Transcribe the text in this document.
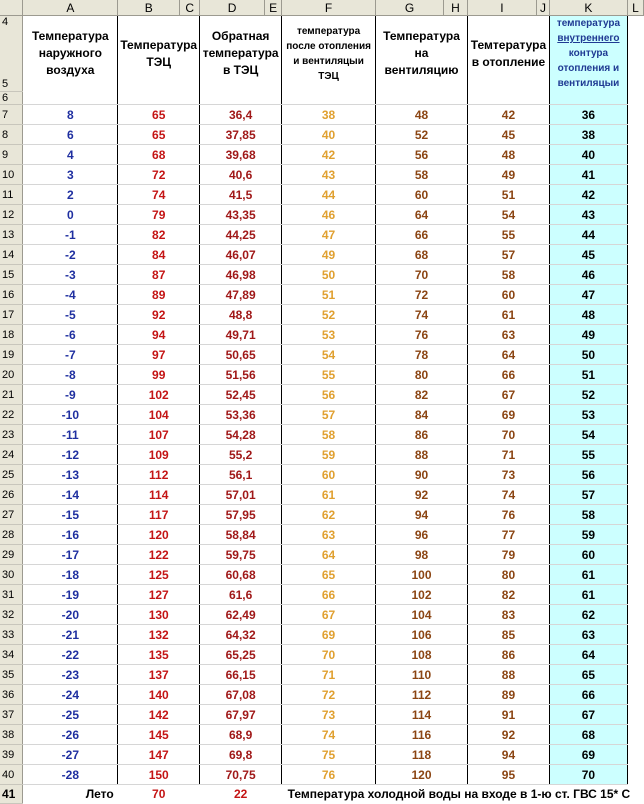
	A	B	C	D	E	F	G	H	I	J	K	L
4
5	Температура наружного воздуха	Температура ТЭЦ		Обратная температура в ТЭЦ		температура после отопления и вентиляцыи ТЭЦ	Температура на вентиляцию		Темтература в отопление		температура внутреннего контура отопления и вентиляцыи	
6												
7	8	65		36,4		38	48		42		36	
8	6	65		37,85		40	52		45		38	
9	4	68		39,68		42	56		48		40	
10	3	72		40,6		43	58		49		41	
11	2	74		41,5		44	60		51		42	
12	0	79		43,35		46	64		54		43	
13	-1	82		44,25		47	66		55		44	
14	-2	84		46,07		49	68		57		45	
15	-3	87		46,98		50	70		58		46	
16	-4	89		47,89		51	72		60		47	
17	-5	92		48,8		52	74		61		48	
18	-6	94		49,71		53	76		63		49	
19	-7	97		50,65		54	78		64		50	
20	-8	99		51,56		55	80		66		51	
21	-9	102		52,45		56	82		67		52	
22	-10	104		53,36		57	84		69		53	
23	-11	107		54,28		58	86		70		54	
24	-12	109		55,2		59	88		71		55	
25	-13	112		56,1		60	90		73		56	
26	-14	114		57,01		61	92		74		57	
27	-15	117		57,95		62	94		76		58	
28	-16	120		58,84		63	96		77		59	
29	-17	122		59,75		64	98		79		60	
30	-18	125		60,68		65	100		80		61	
31	-19	127		61,6		66	102		82		61	
32	-20	130		62,49		67	104		83		62	
33	-21	132		64,32		69	106		85		63	
34	-22	135		65,25		70	108		86		64	
35	-23	137		66,15		71	110		88		65	
36	-24	140		67,08		72	112		89		66	
37	-25	142		67,97		73	114		91		67	
38	-26	145		68,9		74	116		92		68	
39	-27	147		69,8		75	118		94		69	
40	-28	150		70,75		76	120		95		70	
41	Лето	70		22		Температура холодной воды на входе в 1-ю ст. ГВС 15* С						
